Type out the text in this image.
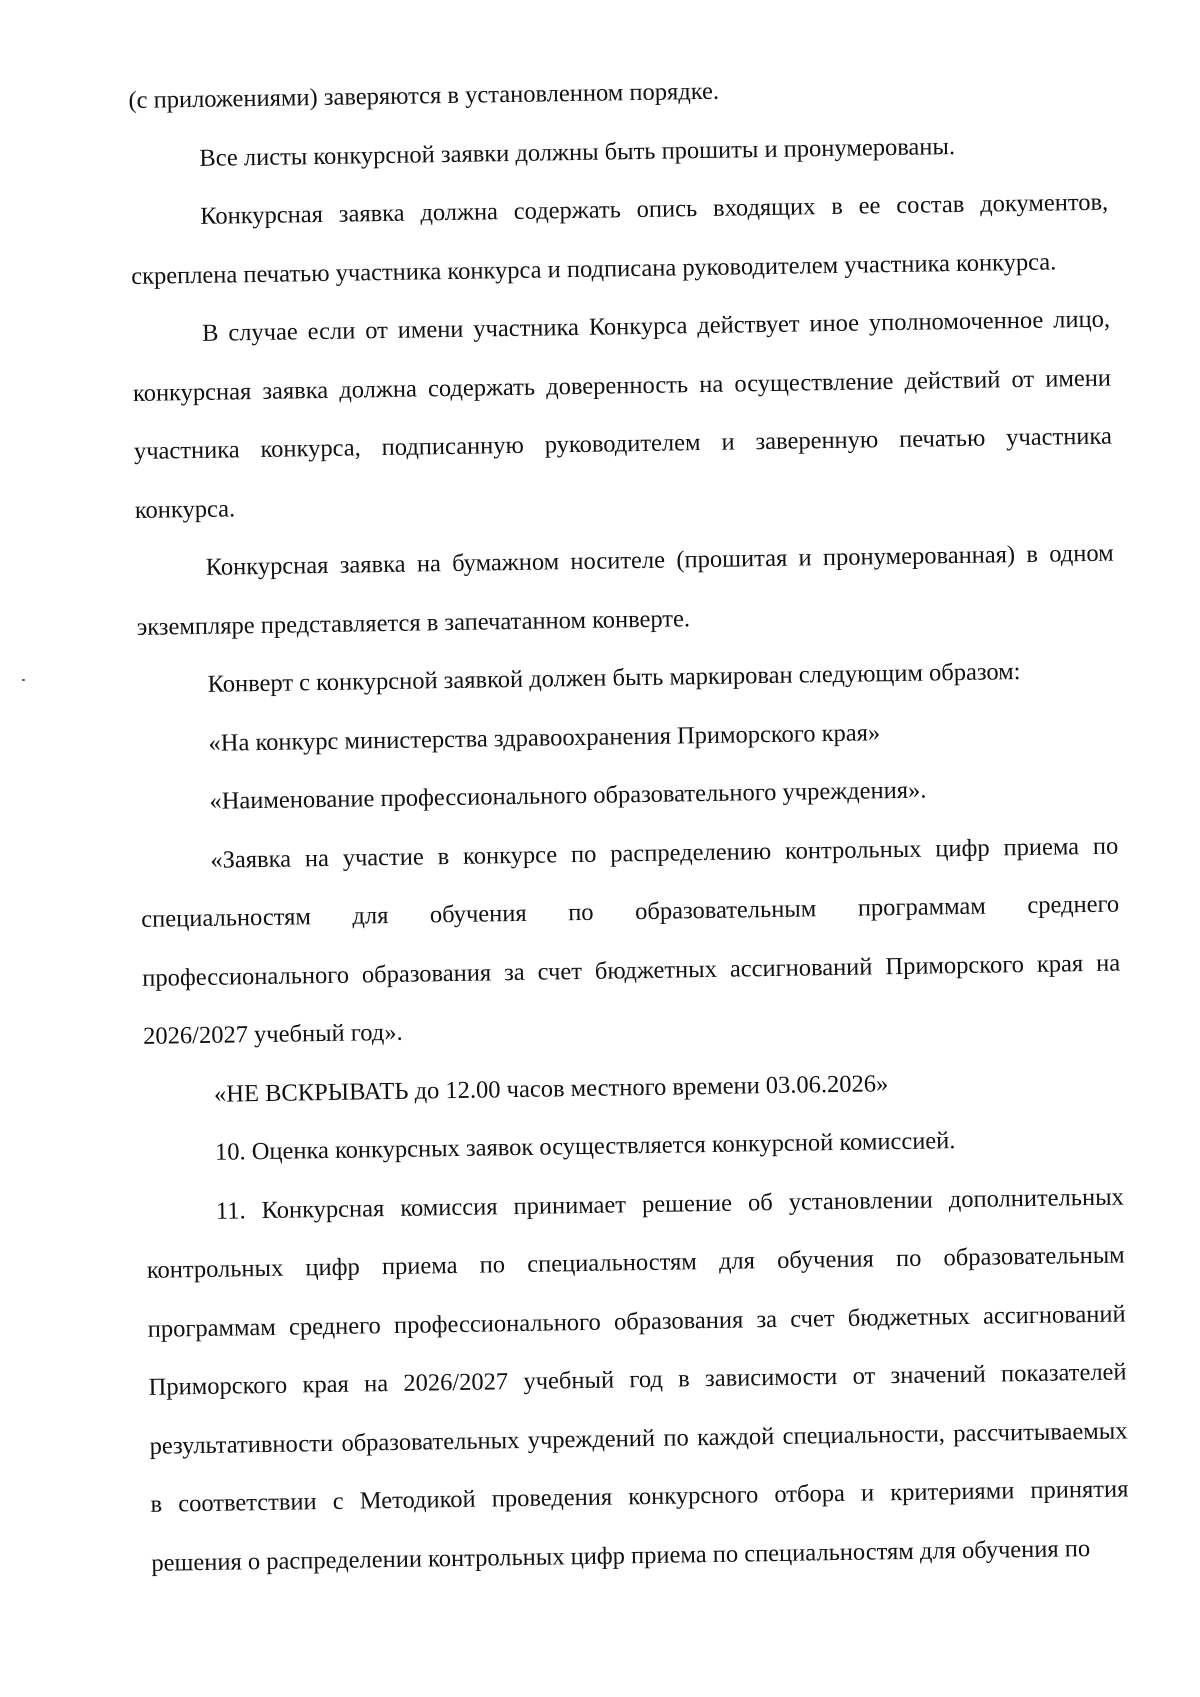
(с приложениями) заверяются в установленном порядке.

Все листы конкурсной заявки должны быть прошиты и пронумерованы.

Конкурсная заявка должна содержать опись входящих в ее состав документов, скреплена печатью участника конкурса и подписана руководителем участника конкурса.

В случае если от имени участника Конкурса действует иное уполномоченное лицо, конкурсная заявка должна содержать доверенность на осуществление действий от имени участника конкурса, подписанную руководителем и заверенную печатью участника конкурса.

Конкурсная заявка на бумажном носителе (прошитая и пронумерованная) в одном экземпляре представляется в запечатанном конверте.

Конверт с конкурсной заявкой должен быть маркирован следующим образом:

«На конкурс министерства здравоохранения Приморского края»

«Наименование профессионального образовательного учреждения».

«Заявка на участие в конкурсе по распределению контрольных цифр приема по специальностям для обучения по образовательным программам среднего профессионального образования за счет бюджетных ассигнований Приморского края на 2026/2027 учебный год».

«НЕ ВСКРЫВАТЬ до 12.00 часов местного времени 03.06.2026»

10. Оценка конкурсных заявок осуществляется конкурсной комиссией.

11. Конкурсная комиссия принимает решение об установлении дополнительных контрольных цифр приема по специальностям для обучения по образовательным программам среднего профессионального образования за счет бюджетных ассигнований Приморского края на 2026/2027 учебный год в зависимости от значений показателей результативности образовательных учреждений по каждой специальности, рассчитываемых в соответствии с Методикой проведения конкурсного отбора и критериями принятия решения о распределении контрольных цифр приема по специальностям для обучения по
